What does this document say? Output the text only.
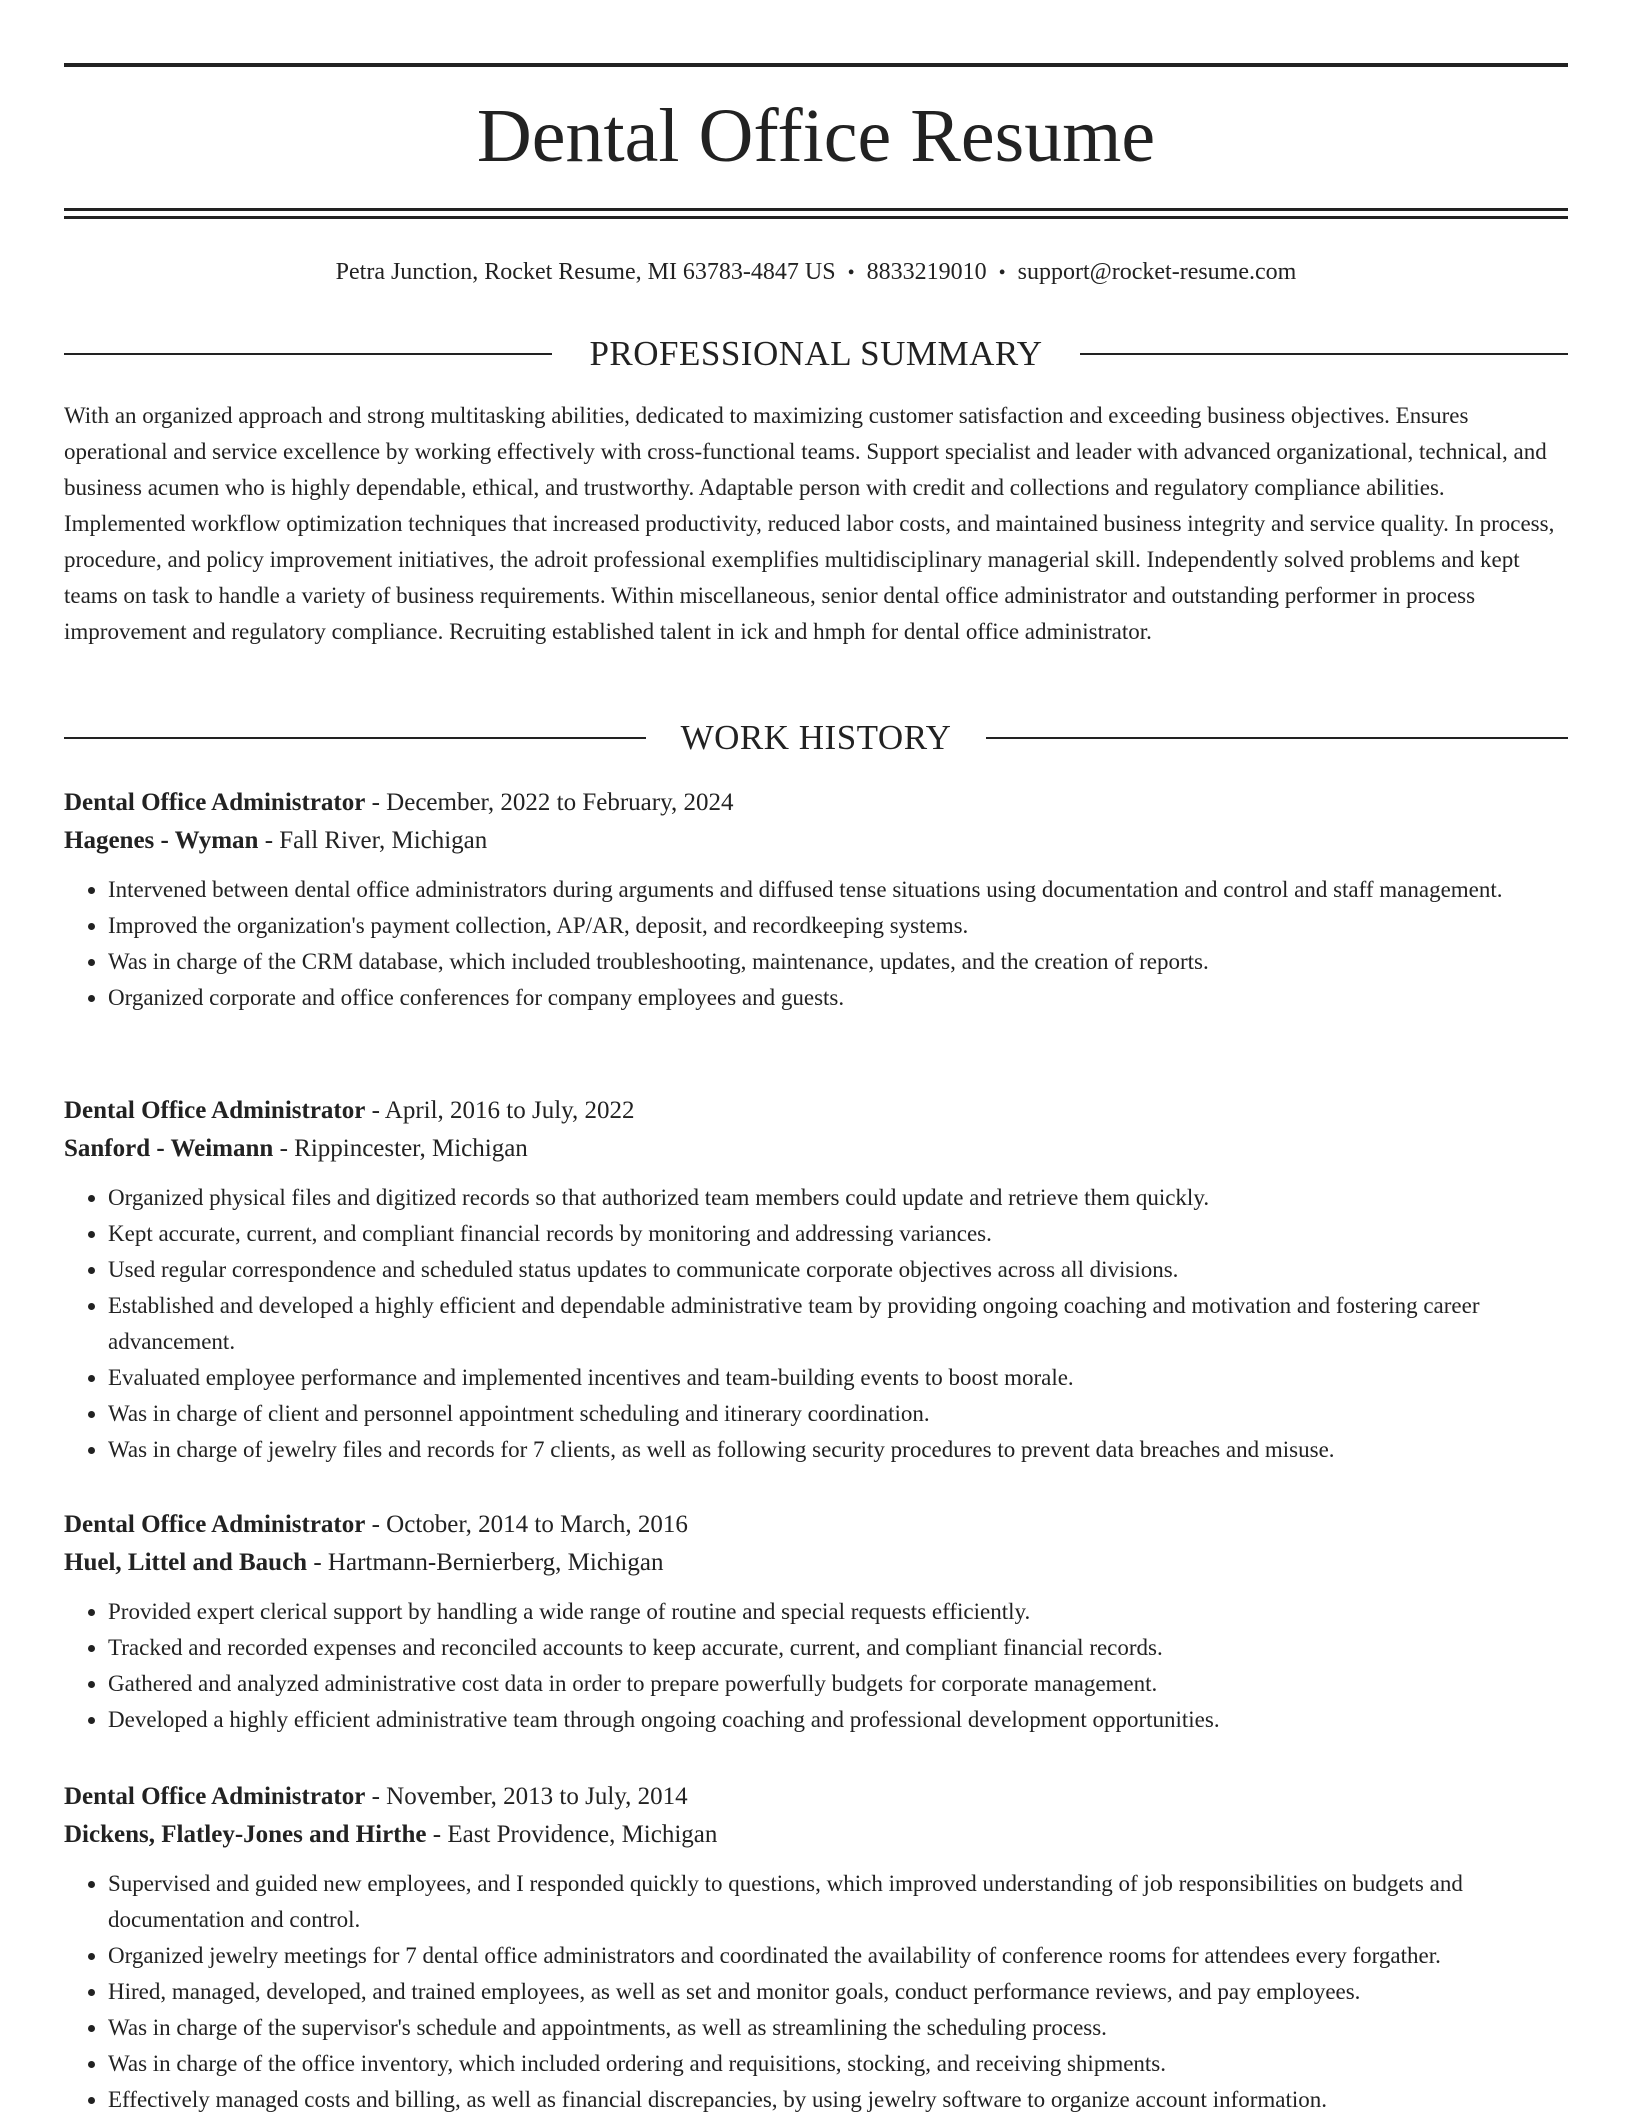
Dental Office Resume
Petra Junction, Rocket Resume, MI 63783-4847 US • 8833219010 • support@rocket-resume.com
PROFESSIONAL SUMMARY

With an organized approach and strong multitasking abilities, dedicated to maximizing customer satisfaction and exceeding business objectives. Ensures operational and service excellence by working effectively with cross-functional teams. Support specialist and leader with advanced organizational, technical, and business acumen who is highly dependable, ethical, and trustworthy. Adaptable person with credit and collections and regulatory compliance abilities. Implemented workflow optimization techniques that increased productivity, reduced labor costs, and maintained business integrity and service quality. In process, procedure, and policy improvement initiatives, the adroit professional exemplifies multidisciplinary managerial skill. Independently solved problems and kept teams on task to handle a variety of business requirements. Within miscellaneous, senior dental office administrator and outstanding performer in process improvement and regulatory compliance. Recruiting established talent in ick and hmph for dental office administrator.

WORK HISTORY

Dental Office Administrator - December, 2022 to February, 2024

Hagenes - Wyman - Fall River, Michigan

• Intervened between dental office administrators during arguments and diffused tense situations using documentation and control and staff management.
• Improved the organization's payment collection, AP/AR, deposit, and recordkeeping systems.
• Was in charge of the CRM database, which included troubleshooting, maintenance, updates, and the creation of reports.
• Organized corporate and office conferences for company employees and guests.

Dental Office Administrator - April, 2016 to July, 2022

Sanford - Weimann - Rippincester, Michigan

• Organized physical files and digitized records so that authorized team members could update and retrieve them quickly.
• Kept accurate, current, and compliant financial records by monitoring and addressing variances.
• Used regular correspondence and scheduled status updates to communicate corporate objectives across all divisions.
• Established and developed a highly efficient and dependable administrative team by providing ongoing coaching and motivation and fostering career advancement.
• Evaluated employee performance and implemented incentives and team-building events to boost morale.
• Was in charge of client and personnel appointment scheduling and itinerary coordination.
• Was in charge of jewelry files and records for 7 clients, as well as following security procedures to prevent data breaches and misuse.

Dental Office Administrator - October, 2014 to March, 2016

Huel, Littel and Bauch - Hartmann-Bernierberg, Michigan

• Provided expert clerical support by handling a wide range of routine and special requests efficiently.
• Tracked and recorded expenses and reconciled accounts to keep accurate, current, and compliant financial records.
• Gathered and analyzed administrative cost data in order to prepare powerfully budgets for corporate management.
• Developed a highly efficient administrative team through ongoing coaching and professional development opportunities.

Dental Office Administrator - November, 2013 to July, 2014

Dickens, Flatley-Jones and Hirthe - East Providence, Michigan

• Supervised and guided new employees, and I responded quickly to questions, which improved understanding of job responsibilities on budgets and documentation and control.
• Organized jewelry meetings for 7 dental office administrators and coordinated the availability of conference rooms for attendees every forgather.
• Hired, managed, developed, and trained employees, as well as set and monitor goals, conduct performance reviews, and pay employees.
• Was in charge of the supervisor's schedule and appointments, as well as streamlining the scheduling process.
• Was in charge of the office inventory, which included ordering and requisitions, stocking, and receiving shipments.
• Effectively managed costs and billing, as well as financial discrepancies, by using jewelry software to organize account information.
